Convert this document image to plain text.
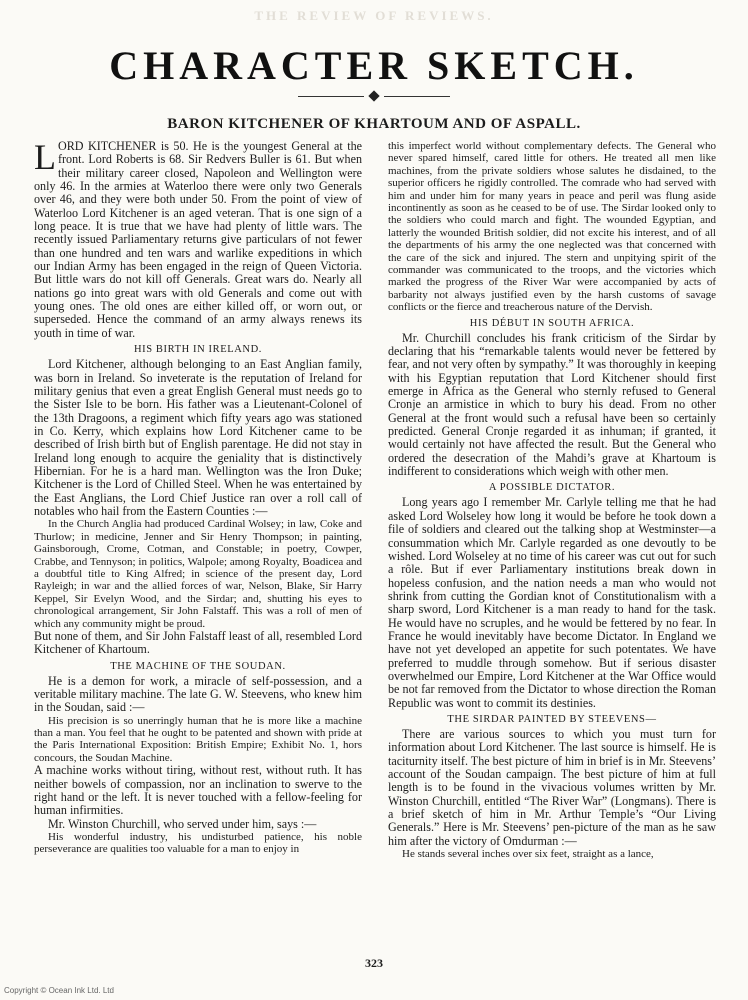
THE REVIEW OF REVIEWS.
CHARACTER SKETCH.
BARON KITCHENER OF KHARTOUM AND OF ASPALL.

LORD KITCHENER is 50. He is the youngest General at the front. Lord Roberts is 68. Sir Redvers Buller is 61. But when their military career closed, Napoleon and Wellington were only 46. In the armies at Waterloo there were only two Generals over 46, and they were both under 50. From the point of view of Waterloo Lord Kitchener is an aged veteran. That is one sign of a long peace. It is true that we have had plenty of little wars. The recently issued Parliamentary returns give particulars of not fewer than one hundred and ten wars and warlike expeditions in which our Indian Army has been engaged in the reign of Queen Victoria. But little wars do not kill off Generals. Great wars do. Nearly all nations go into great wars with old Generals and come out with young ones. The old ones are either killed off, or worn out, or superseded. Hence the command of an army always renews its youth in time of war.

HIS BIRTH IN IRELAND.

Lord Kitchener, although belonging to an East Anglian family, was born in Ireland. So inveterate is the reputation of Ireland for military genius that even a great English General must needs go to the Sister Isle to be born. His father was a Lieutenant-Colonel of the 13th Dragoons, a regiment which fifty years ago was stationed in Co. Kerry, which explains how Lord Kitchener came to be described of Irish birth but of English parentage. He did not stay in Ireland long enough to acquire the geniality that is distinctively Hibernian. For he is a hard man. Wellington was the Iron Duke; Kitchener is the Lord of Chilled Steel. When he was entertained by the East Anglians, the Lord Chief Justice ran over a roll call of notables who hail from the Eastern Counties :—

In the Church Anglia had produced Cardinal Wolsey; in law, Coke and Thurlow; in medicine, Jenner and Sir Henry Thompson; in painting, Gainsborough, Crome, Cotman, and Constable; in poetry, Cowper, Crabbe, and Tennyson; in politics, Walpole; among Royalty, Boadicea and a doubtful title to King Alfred; in science of the present day, Lord Rayleigh; in war and the allied forces of war, Nelson, Blake, Sir Harry Keppel, Sir Evelyn Wood, and the Sirdar; and, shutting his eyes to chronological arrangement, Sir John Falstaff. This was a roll of men of which any community might be proud.

But none of them, and Sir John Falstaff least of all, resembled Lord Kitchener of Khartoum.

THE MACHINE OF THE SOUDAN.

He is a demon for work, a miracle of self-possession, and a veritable military machine. The late G. W. Steevens, who knew him in the Soudan, said :—

His precision is so unerringly human that he is more like a machine than a man. You feel that he ought to be patented and shown with pride at the Paris International Exposition: British Empire; Exhibit No. 1, hors concours, the Soudan Machine.

A machine works without tiring, without rest, without ruth. It has neither bowels of compassion, nor an inclination to swerve to the right hand or the left. It is never touched with a fellow-feeling for human infirmities.

Mr. Winston Churchill, who served under him, says :—

His wonderful industry, his undisturbed patience, his noble perseverance are qualities too valuable for a man to enjoy in

this imperfect world without complementary defects. The General who never spared himself, cared little for others. He treated all men like machines, from the private soldiers whose salutes he disdained, to the superior officers he rigidly controlled. The comrade who had served with him and under him for many years in peace and peril was flung aside incontinently as soon as he ceased to be of use. The Sirdar looked only to the soldiers who could march and fight. The wounded Egyptian, and latterly the wounded British soldier, did not excite his interest, and of all the departments of his army the one neglected was that concerned with the care of the sick and injured. The stern and unpitying spirit of the commander was communicated to the troops, and the victories which marked the progress of the River War were accompanied by acts of barbarity not always justified even by the harsh customs of savage conflicts or the fierce and treacherous nature of the Dervish.

HIS DÉBUT IN SOUTH AFRICA.

Mr. Churchill concludes his frank criticism of the Sirdar by declaring that his “remarkable talents would never be fettered by fear, and not very often by sympathy.” It was thoroughly in keeping with his Egyptian reputation that Lord Kitchener should first emerge in Africa as the General who sternly refused to General Cronje an armistice in which to bury his dead. From no other General at the front would such a refusal have been so certainly predicted. General Cronje regarded it as inhuman; if granted, it would certainly not have affected the result. But the General who ordered the desecration of the Mahdi’s grave at Khartoum is indifferent to considerations which weigh with other men.

A POSSIBLE DICTATOR.

Long years ago I remember Mr. Carlyle telling me that he had asked Lord Wolseley how long it would be before he took down a file of soldiers and cleared out the talking shop at Westminster—a consummation which Mr. Carlyle regarded as one devoutly to be wished. Lord Wolseley at no time of his career was cut out for such a rôle. But if ever Parliamentary institutions break down in hopeless confusion, and the nation needs a man who would not shrink from cutting the Gordian knot of Constitutionalism with a sharp sword, Lord Kitchener is a man ready to hand for the task. He would have no scruples, and he would be fettered by no fear. In France he would inevitably have become Dictator. In England we have not yet developed an appetite for such potentates. We have preferred to muddle through somehow. But if serious disaster overwhelmed our Empire, Lord Kitchener at the War Office would be not far removed from the Dictator to whose direction the Roman Republic was wont to commit its destinies.

THE SIRDAR PAINTED BY STEEVENS—

There are various sources to which you must turn for information about Lord Kitchener. The last source is himself. He is taciturnity itself. The best picture of him in brief is in Mr. Steevens’ account of the Soudan campaign. The best picture of him at full length is to be found in the vivacious volumes written by Mr. Winston Churchill, entitled “The River War” (Longmans). There is a brief sketch of him in Mr. Arthur Temple’s “Our Living Generals.” Here is Mr. Steevens’ pen-picture of the man as he saw him after the victory of Omdurman :—

He stands several inches over six feet, straight as a lance,

323
Copyright © Ocean Ink Ltd. Ltd
